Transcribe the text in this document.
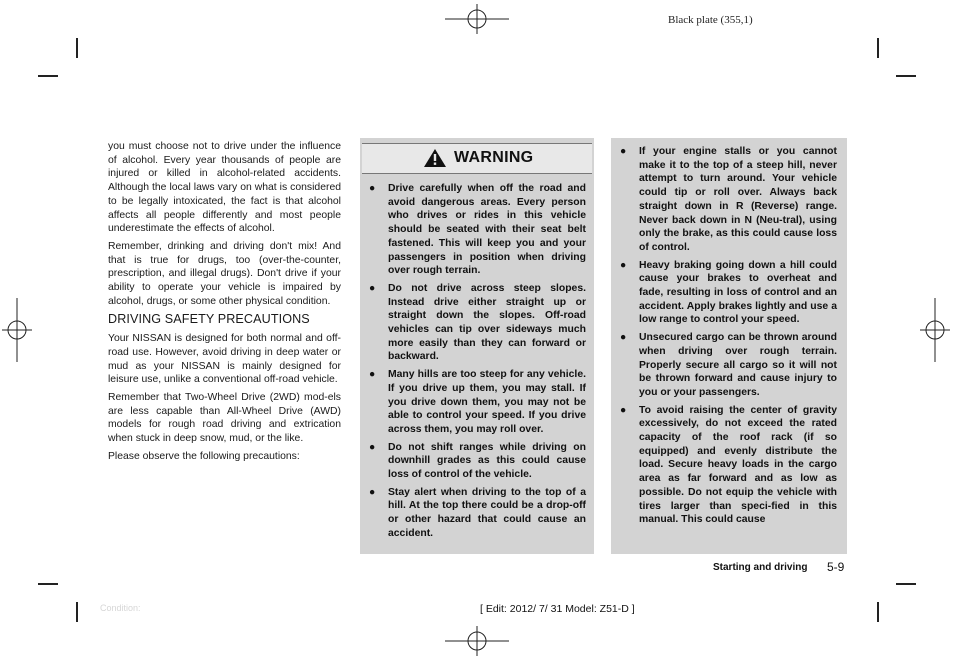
Black plate (355,1)

you must choose not to drive under the influence of alcohol. Every year thousands of people are injured or killed in alcohol-related accidents. Although the local laws vary on what is considered to be legally intoxicated, the fact is that alcohol affects all people differently and most people underestimate the effects of alcohol.

Remember, drinking and driving don't mix! And that is true for drugs, too (over-the-counter, prescription, and illegal drugs). Don't drive if your ability to operate your vehicle is impaired by alcohol, drugs, or some other physical condition.

DRIVING SAFETY PRECAUTIONS

Your NISSAN is designed for both normal and off-road use. However, avoid driving in deep water or mud as your NISSAN is mainly designed for leisure use, unlike a conventional off-road vehicle.

Remember that Two-Wheel Drive (2WD) mod-els are less capable than All-Wheel Drive (AWD) models for rough road driving and extrication when stuck in deep snow, mud, or the like.

Please observe the following precautions:

WARNING
● Drive carefully when off the road and avoid dangerous areas. Every person who drives or rides in this vehicle should be seated with their seat belt fastened. This will keep you and your passengers in position when driving over rough terrain.
● Do not drive across steep slopes. Instead drive either straight up or straight down the slopes. Off-road vehicles can tip over sideways much more easily than they can forward or backward.
● Many hills are too steep for any vehicle. If you drive up them, you may stall. If you drive down them, you may not be able to control your speed. If you drive across them, you may roll over.
● Do not shift ranges while driving on downhill grades as this could cause loss of control of the vehicle.
● Stay alert when driving to the top of a hill. At the top there could be a drop-off or other hazard that could cause an accident.
● If your engine stalls or you cannot make it to the top of a steep hill, never attempt to turn around. Your vehicle could tip or roll over. Always back straight down in R (Reverse) range. Never back down in N (Neu-tral), using only the brake, as this could cause loss of control.
● Heavy braking going down a hill could cause your brakes to overheat and fade, resulting in loss of control and an accident. Apply brakes lightly and use a low range to control your speed.
● Unsecured cargo can be thrown around when driving over rough terrain. Properly secure all cargo so it will not be thrown forward and cause injury to you or your passengers.
● To avoid raising the center of gravity excessively, do not exceed the rated capacity of the roof rack (if so equipped) and evenly distribute the load. Secure heavy loads in the cargo area as far forward and as low as possible. Do not equip the vehicle with tires larger than speci-fied in this manual. This could cause
Starting and driving 5-9
Condition:	[ Edit: 2012/ 7/ 31 Model: Z51-D ]
